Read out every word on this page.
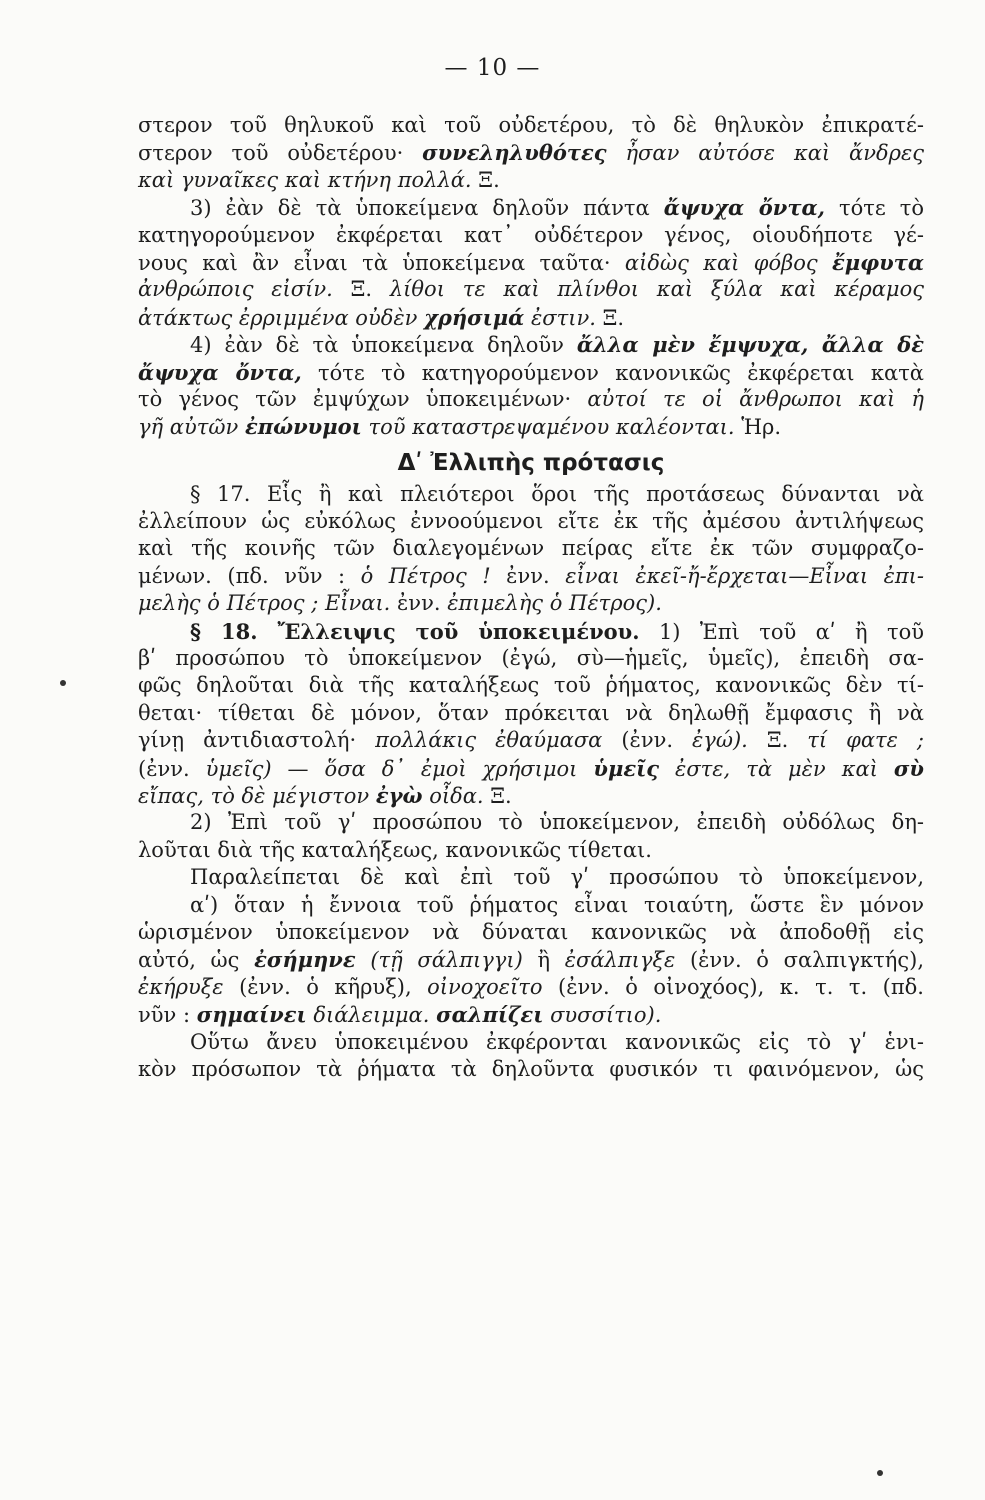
— 10 —
στερον τοῦ θηλυκοῦ καὶ τοῦ οὐδετέρου, τὸ δὲ θηλυκὸν ἐπικρατέ-
στερον τοῦ οὐδετέρου· συνεληλυθότες ἦσαν αὐτόσε καὶ ἄνδρες
καὶ γυναῖκες καὶ κτήνη πολλά. Ξ.
3) ἐὰν δὲ τὰ ὑποκείμενα δηλοῦν πάντα ἄψυχα ὄντα, τότε τὸ
κατηγορούμενον ἐκφέρεται κατ᾽ οὐδέτερον γένος, οἱουδήποτε γέ-
νους καὶ ἂν εἶναι τὰ ὑποκείμενα ταῦτα· αἰδὼς καὶ φόβος ἔμφυτα
ἀνθρώποις εἰσίν. Ξ. λίθοι τε καὶ πλίνθοι καὶ ξύλα καὶ κέραμος
ἀτάκτως ἐρριμμένα οὐδὲν χρήσιμά ἐστιν. Ξ.
4) ἐὰν δὲ τὰ ὑποκείμενα δηλοῦν ἄλλα μὲν ἔμψυχα, ἄλλα δὲ
ἄψυχα ὄντα, τότε τὸ κατηγορούμενον κανονικῶς ἐκφέρεται κατὰ
τὸ γένος τῶν ἐμψύχων ὑποκειμένων· αὐτοί τε οἱ ἄνθρωποι καὶ ἡ
γῆ αὐτῶν ἐπώνυμοι τοῦ καταστρεψαμένου καλέονται. Ἡρ.
Δʹ Ἐλλιπὴς πρότασις
§ 17. Εἷς ἢ καὶ πλειότεροι ὅροι τῆς προτάσεως δύνανται νὰ
ἐλλείπουν ὡς εὐκόλως ἐννοούμενοι εἴτε ἐκ τῆς ἀμέσου ἀντιλήψεως
καὶ τῆς κοινῆς τῶν διαλεγομένων πείρας εἴτε ἐκ τῶν συμφραζο-
μένων. (πδ. νῦν : ὁ Πέτρος ! ἐνν. εἶναι ἐκεῖ-ἤ-ἔρχεται—Εἶναι ἐπι-
μελὴς ὁ Πέτρος ; Εἶναι. ἐνν. ἐπιμελὴς ὁ Πέτρος).
§ 18. Ἔλλειψις τοῦ ὑποκειμένου. 1) Ἐπὶ τοῦ αʹ ἢ τοῦ
βʹ προσώπου τὸ ὑποκείμενον (ἐγώ, σὺ—ἡμεῖς, ὑμεῖς), ἐπειδὴ σα-
φῶς δηλοῦται διὰ τῆς καταλήξεως τοῦ ῥήματος, κανονικῶς δὲν τί-
θεται· τίθεται δὲ μόνον, ὅταν πρόκειται νὰ δηλωθῇ ἔμφασις ἢ νὰ
γίνῃ ἀντιδιαστολή· πολλάκις ἐθαύμασα (ἐνν. ἐγώ). Ξ. τί φατε ;
(ἐνν. ὑμεῖς) — ὅσα δ᾽ ἐμοὶ χρήσιμοι ὑμεῖς ἐστε, τὰ μὲν καὶ σὺ
εἴπας, τὸ δὲ μέγιστον ἐγὼ οἶδα. Ξ.
2) Ἐπὶ τοῦ γʹ προσώπου τὸ ὑποκείμενον, ἐπειδὴ οὐδόλως δη-
λοῦται διὰ τῆς καταλήξεως, κανονικῶς τίθεται.
Παραλείπεται δὲ καὶ ἐπὶ τοῦ γʹ προσώπου τὸ ὑποκείμενον,
αʹ) ὅταν ἡ ἔννοια τοῦ ῥήματος εἶναι τοιαύτη, ὥστε ἓν μόνον
ὡρισμένον ὑποκείμενον νὰ δύναται κανονικῶς νὰ ἀποδοθῇ εἰς
αὐτό, ὡς ἐσήμηνε (τῇ σάλπιγγι) ἢ ἐσάλπιγξε (ἐνν. ὁ σαλπιγκτής),
ἐκήρυξε (ἐνν. ὁ κῆρυξ), οἰνοχοεῖτο (ἐνν. ὁ οἰνοχόος), κ. τ. τ. (πδ.
νῦν : σημαίνει διάλειμμα. σαλπίζει συσσίτιο).
Οὕτω ἄνευ ὑποκειμένου ἐκφέρονται κανονικῶς εἰς τὸ γʹ ἑνι-
κὸν πρόσωπον τὰ ῥήματα τὰ δηλοῦντα φυσικόν τι φαινόμενον, ὡς
